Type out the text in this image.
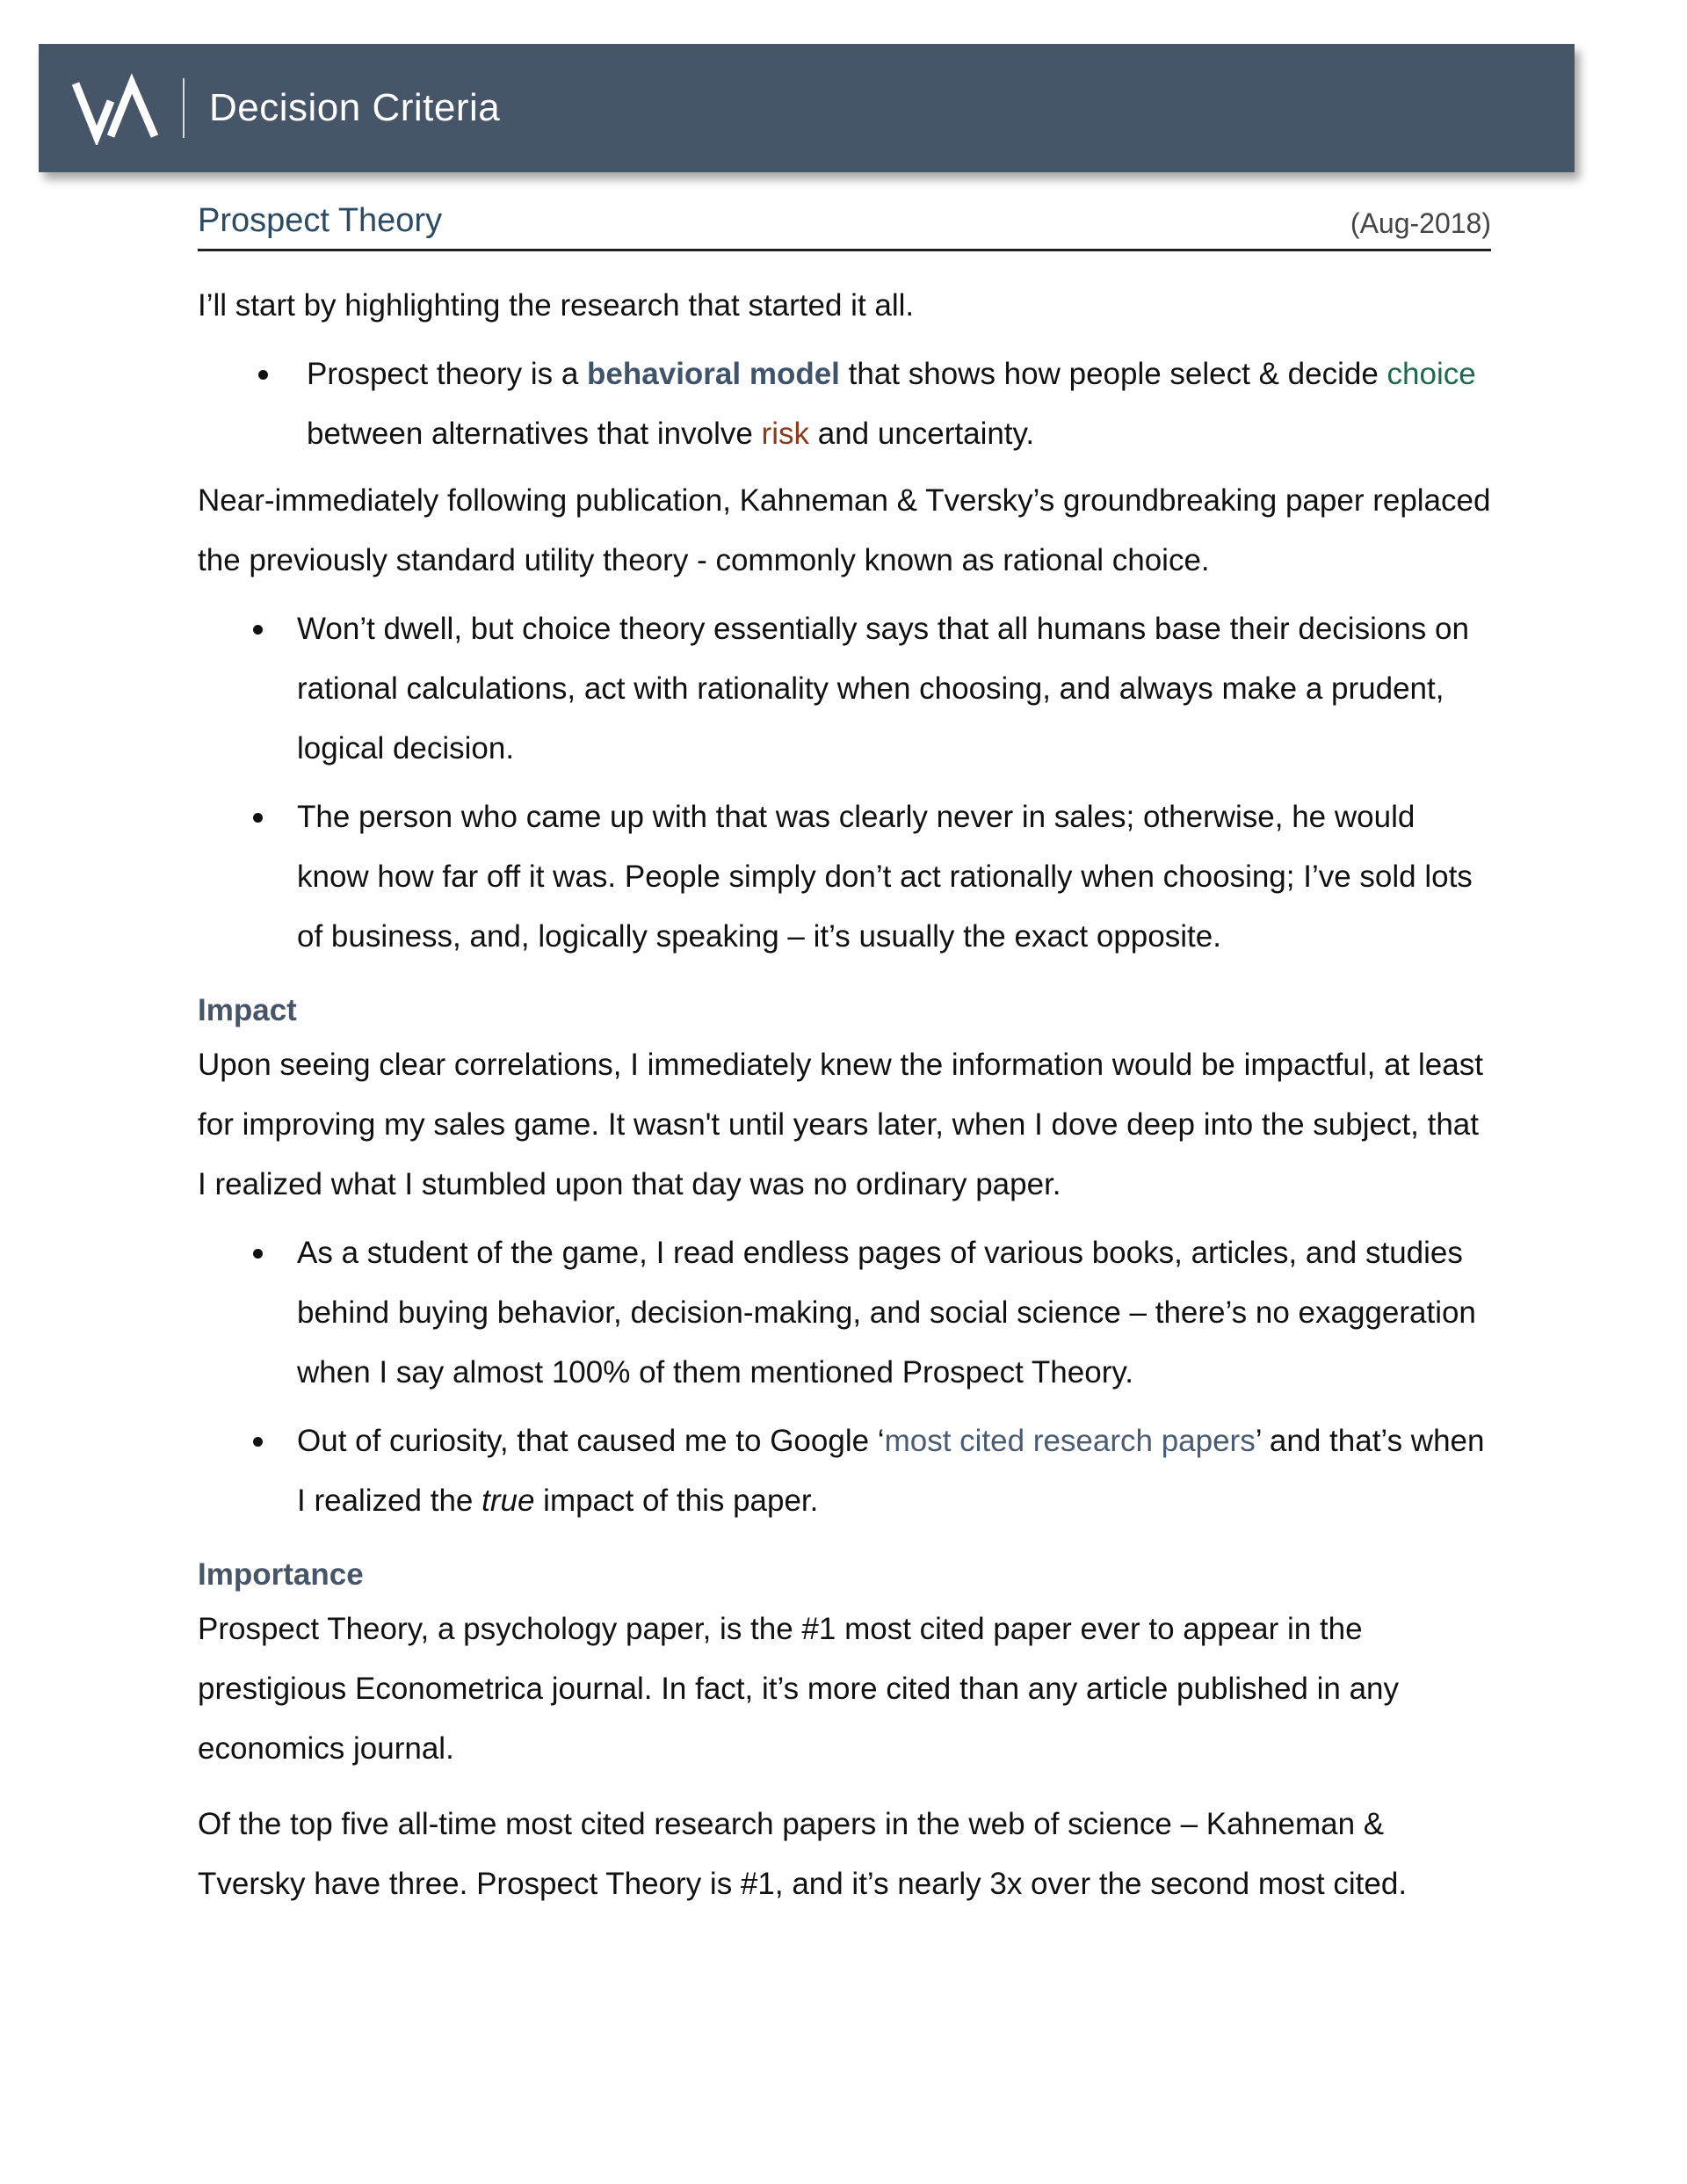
Decision Criteria
Prospect Theory	(Aug-2018)

I’ll start by highlighting the research that started it all.

Prospect theory is a behavioral model that shows how people select & decide choice between alternatives that involve risk and uncertainty.

Near-immediately following publication, Kahneman & Tversky’s groundbreaking paper replaced the previously standard utility theory - commonly known as rational choice.

Won’t dwell, but choice theory essentially says that all humans base their decisions on rational calculations, act with rationality when choosing, and always make a prudent, logical decision.
The person who came up with that was clearly never in sales; otherwise, he would know how far off it was. People simply don’t act rationally when choosing; I’ve sold lots of business, and, logically speaking – it’s usually the exact opposite.
Impact

Upon seeing clear correlations, I immediately knew the information would be impactful, at least for improving my sales game. It wasn't until years later, when I dove deep into the subject, that I realized what I stumbled upon that day was no ordinary paper.

As a student of the game, I read endless pages of various books, articles, and studies behind buying behavior, decision-making, and social science – there’s no exaggeration when I say almost 100% of them mentioned Prospect Theory.
Out of curiosity, that caused me to Google ‘most cited research papers’ and that’s when I realized the true impact of this paper.
Importance

Prospect Theory, a psychology paper, is the #1 most cited paper ever to appear in the prestigious Econometrica journal. In fact, it’s more cited than any article published in any economics journal.

Of the top five all-time most cited research papers in the web of science – Kahneman & Tversky have three. Prospect Theory is #1, and it’s nearly 3x over the second most cited.
